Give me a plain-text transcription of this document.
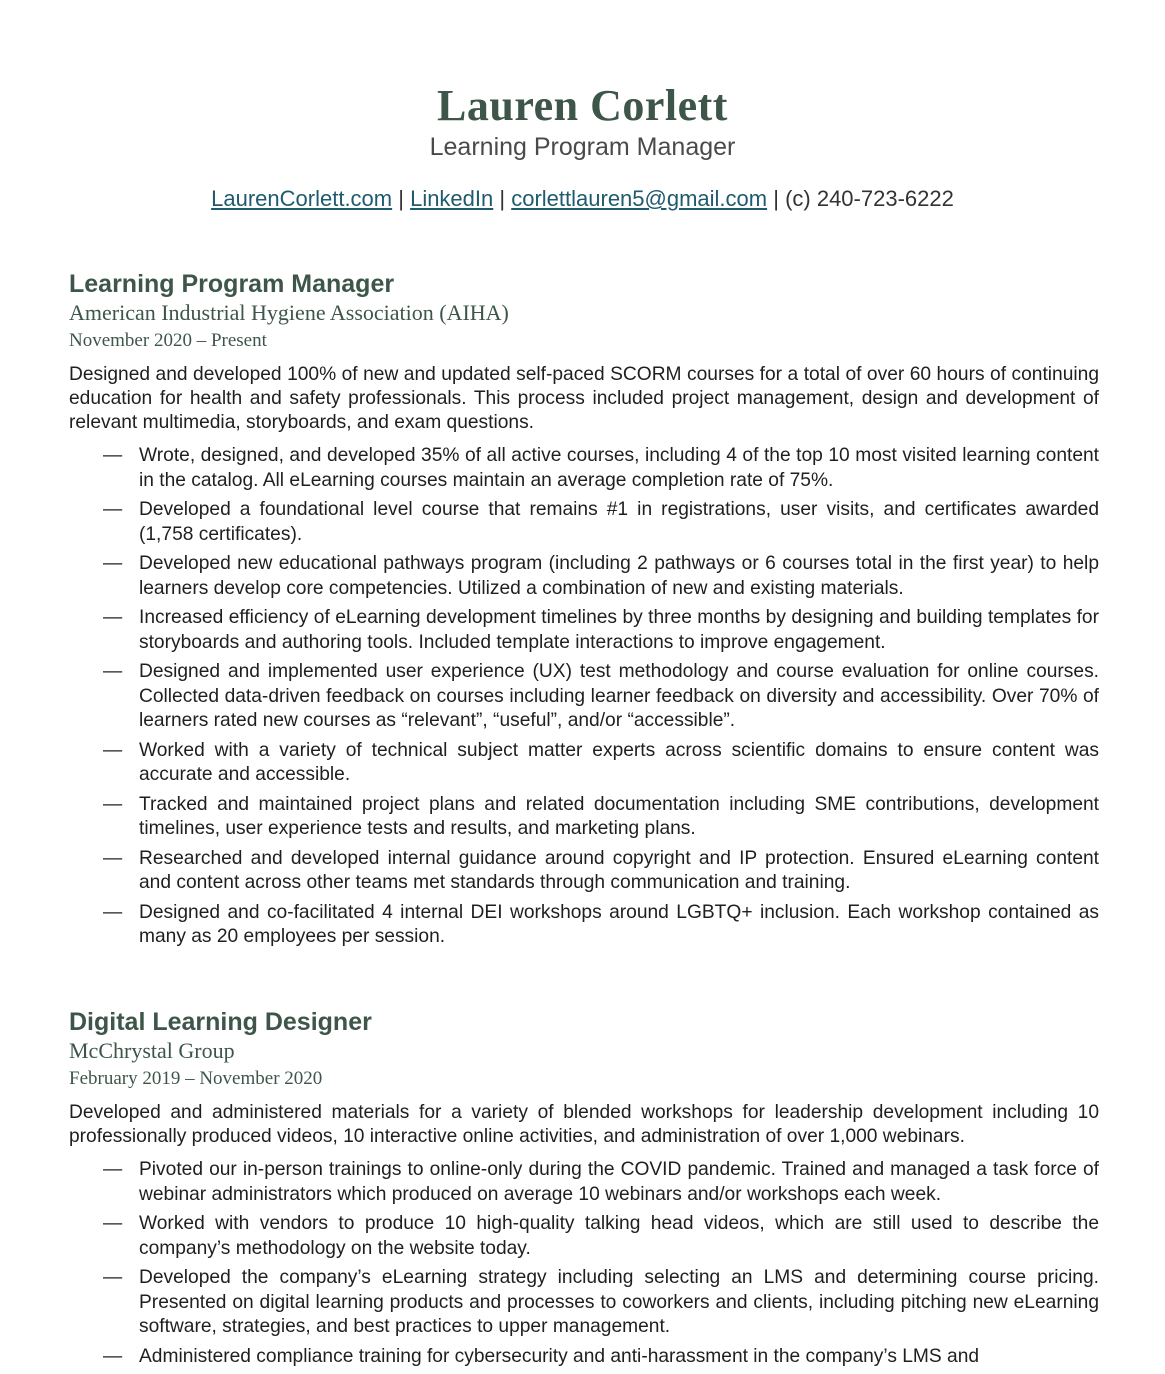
Lauren Corlett
Learning Program Manager
LaurenCorlett.com | LinkedIn | corlettlauren5@gmail.com | (c) 240-723-6222
Learning Program Manager
American Industrial Hygiene Association (AIHA)
November 2020 – Present
Designed and developed 100% of new and updated self-paced SCORM courses for a total of over 60 hours of continuing education for health and safety professionals. This process included project management, design and development of relevant multimedia, storyboards, and exam questions.
— Wrote, designed, and developed 35% of all active courses, including 4 of the top 10 most visited learning content in the catalog. All eLearning courses maintain an average completion rate of 75%.
— Developed a foundational level course that remains #1 in registrations, user visits, and certificates awarded (1,758 certificates).
— Developed new educational pathways program (including 2 pathways or 6 courses total in the first year) to help learners develop core competencies. Utilized a combination of new and existing materials.
— Increased efficiency of eLearning development timelines by three months by designing and building templates for storyboards and authoring tools. Included template interactions to improve engagement.
— Designed and implemented user experience (UX) test methodology and course evaluation for online courses. Collected data-driven feedback on courses including learner feedback on diversity and accessibility. Over 70% of learners rated new courses as “relevant”, “useful”, and/or “accessible”.
— Worked with a variety of technical subject matter experts across scientific domains to ensure content was accurate and accessible.
— Tracked and maintained project plans and related documentation including SME contributions, development timelines, user experience tests and results, and marketing plans.
— Researched and developed internal guidance around copyright and IP protection. Ensured eLearning content and content across other teams met standards through communication and training.
— Designed and co-facilitated 4 internal DEI workshops around LGBTQ+ inclusion. Each workshop contained as many as 20 employees per session.
Digital Learning Designer
McChrystal Group
February 2019 – November 2020
Developed and administered materials for a variety of blended workshops for leadership development including 10 professionally produced videos, 10 interactive online activities, and administration of over 1,000 webinars.
— Pivoted our in-person trainings to online-only during the COVID pandemic. Trained and managed a task force of webinar administrators which produced on average 10 webinars and/or workshops each week.
— Worked with vendors to produce 10 high-quality talking head videos, which are still used to describe the company’s methodology on the website today.
— Developed the company’s eLearning strategy including selecting an LMS and determining course pricing. Presented on digital learning products and processes to coworkers and clients, including pitching new eLearning software, strategies, and best practices to upper management.
— Administered compliance training for cybersecurity and anti-harassment in the company’s LMS and
